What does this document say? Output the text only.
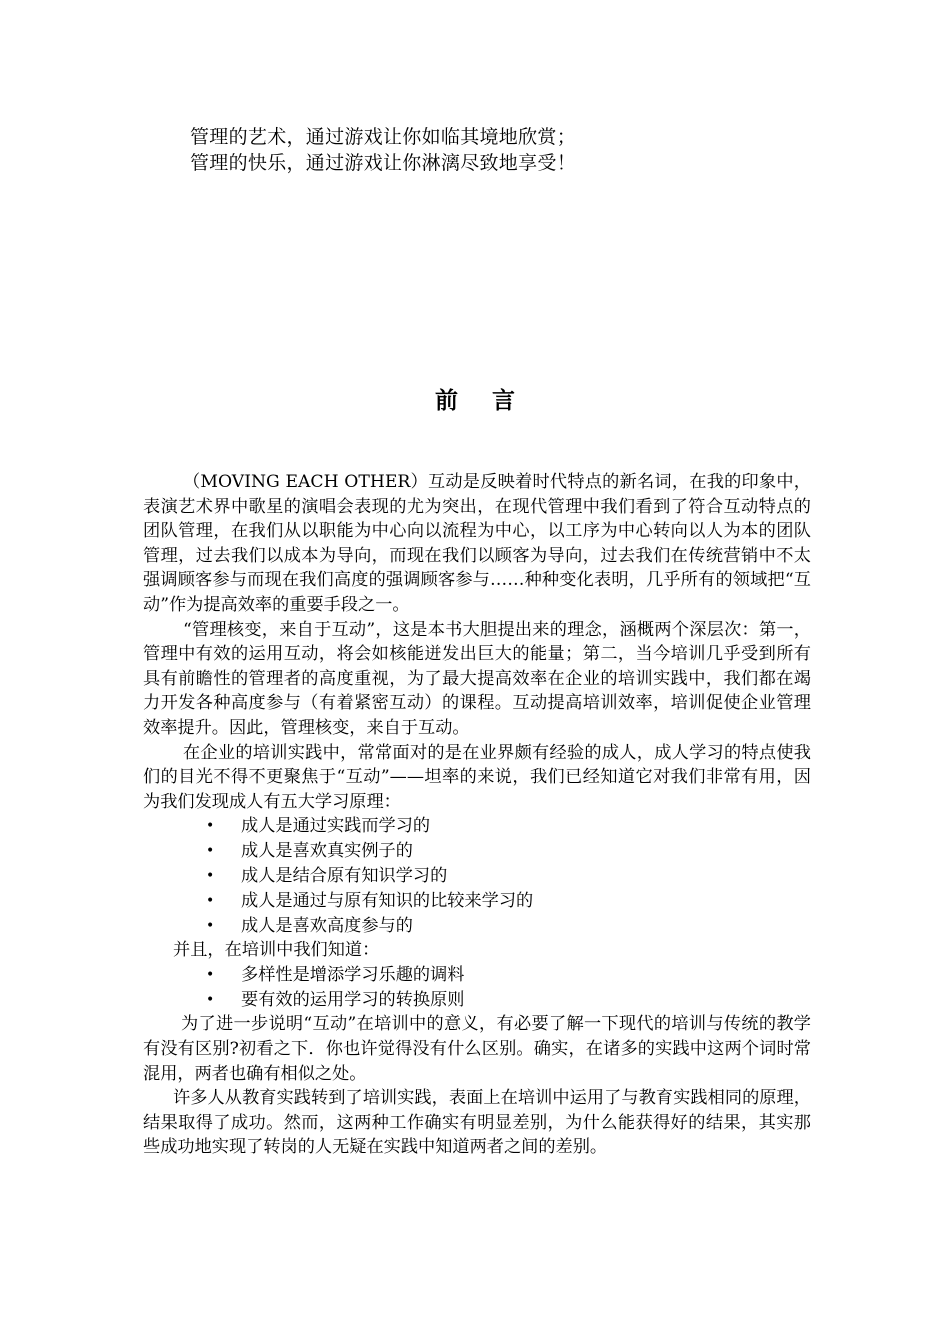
管理的艺术，通过游戏让你如临其境地欣赏；
管理的快乐，通过游戏让你淋漓尽致地享受！
前 言

（MOVING EACH OTHER）互动是反映着时代特点的新名词，在我的印象中，表演艺术界中歌星的演唱会表现的尤为突出，在现代管理中我们看到了符合互动特点的团队管理，在我们从以职能为中心向以流程为中心，以工序为中心转向以人为本的团队管理，过去我们以成本为导向，而现在我们以顾客为导向，过去我们在传统营销中不太强调顾客参与而现在我们高度的强调顾客参与……种种变化表明，几乎所有的领域把“互动”作为提高效率的重要手段之一。

“管理核变，来自于互动”，这是本书大胆提出来的理念，涵概两个深层次：第一，管理中有效的运用互动，将会如核能迸发出巨大的能量；第二，当今培训几乎受到所有具有前瞻性的管理者的高度重视，为了最大提高效率在企业的培训实践中，我们都在竭力开发各种高度参与（有着紧密互动）的课程。互动提高培训效率，培训促使企业管理效率提升。因此，管理核变，来自于互动。

在企业的培训实践中，常常面对的是在业界颇有经验的成人，成人学习的特点使我们的目光不得不更聚焦于“互动”——坦率的来说，我们已经知道它对我们非常有用，因为我们发现成人有五大学习原理：

• 成人是通过实践而学习的
• 成人是喜欢真实例子的
• 成人是结合原有知识学习的
• 成人是通过与原有知识的比较来学习的
• 成人是喜欢高度参与的

并且，在培训中我们知道：

• 多样性是增添学习乐趣的调料
• 要有效的运用学习的转换原则

为了进一步说明“互动”在培训中的意义，有必要了解一下现代的培训与传统的教学有没有区别?初看之下．你也许觉得没有什么区别。确实，在诸多的实践中这两个词时常混用，两者也确有相似之处。

许多人从教育实践转到了培训实践，表面上在培训中运用了与教育实践相同的原理，结果取得了成功。然而，这两种工作确实有明显差别，为什么能获得好的结果，其实那些成功地实现了转岗的人无疑在实践中知道两者之间的差别。
